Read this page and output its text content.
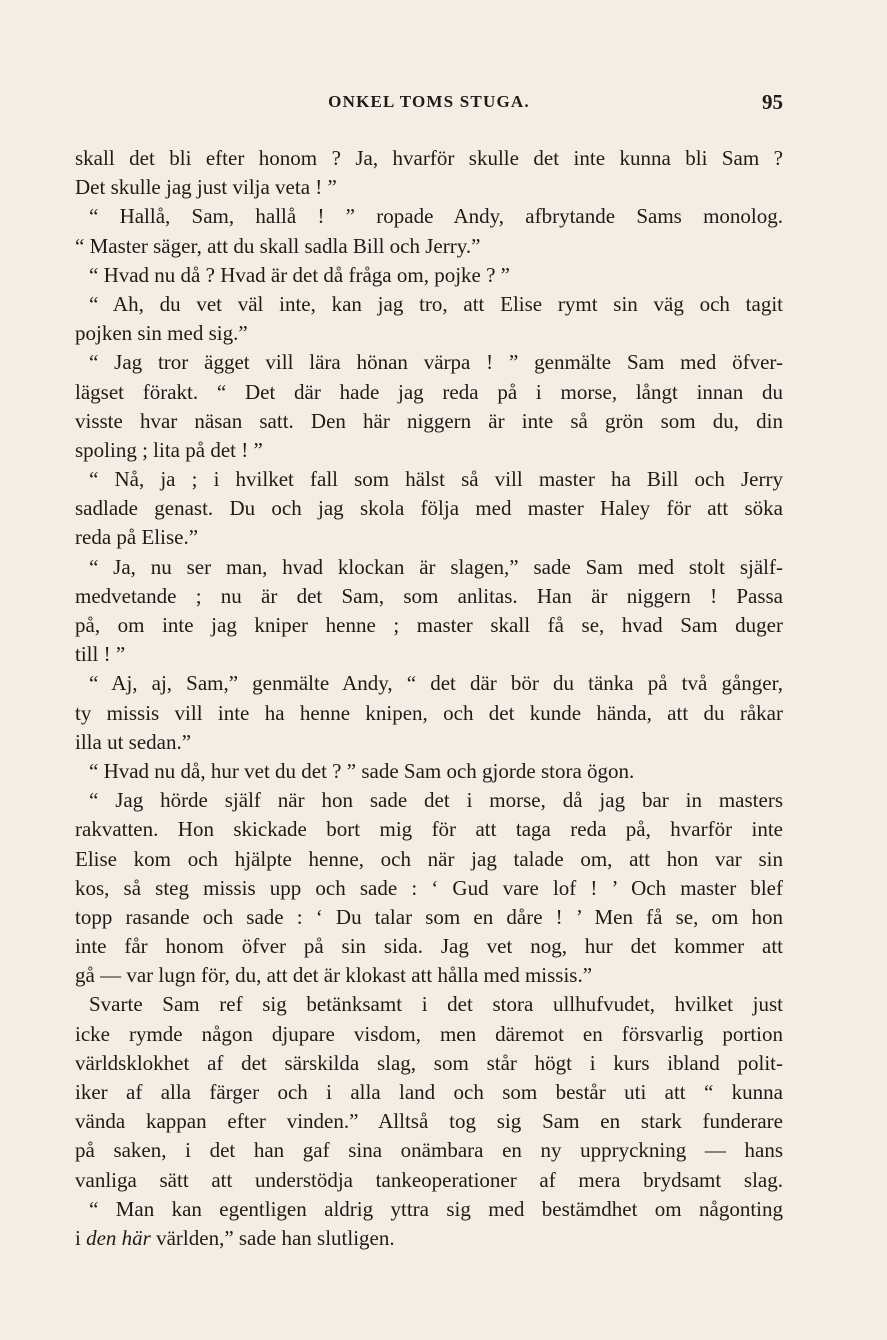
ONKEL TOMS STUGA.	95
skall det bli efter honom ? Ja, hvarför skulle det inte kunna bli Sam ?
Det skulle jag just vilja veta ! ”
“ Hallå, Sam, hallå ! ” ropade Andy, afbrytande Sams monolog.
“ Master säger, att du skall sadla Bill och Jerry.”
“ Hvad nu då ? Hvad är det då fråga om, pojke ? ”
“ Ah, du vet väl inte, kan jag tro, att Elise rymt sin väg och tagit
pojken sin med sig.”
“ Jag tror ägget vill lära hönan värpa ! ” genmälte Sam med öfver-
lägset förakt. “ Det där hade jag reda på i morse, långt innan du
visste hvar näsan satt. Den här niggern är inte så grön som du, din
spoling ; lita på det ! ”
“ Nå, ja ; i hvilket fall som hälst så vill master ha Bill och Jerry
sadlade genast. Du och jag skola följa med master Haley för att söka
reda på Elise.”
“ Ja, nu ser man, hvad klockan är slagen,” sade Sam med stolt själf-
medvetande ; nu är det Sam, som anlitas. Han är niggern ! Passa
på, om inte jag kniper henne ; master skall få se, hvad Sam duger
till ! ”
“ Aj, aj, Sam,” genmälte Andy, “ det där bör du tänka på två gånger,
ty missis vill inte ha henne knipen, och det kunde hända, att du råkar
illa ut sedan.”
“ Hvad nu då, hur vet du det ? ” sade Sam och gjorde stora ögon.
“ Jag hörde själf när hon sade det i morse, då jag bar in masters
rakvatten. Hon skickade bort mig för att taga reda på, hvarför inte
Elise kom och hjälpte henne, och när jag talade om, att hon var sin
kos, så steg missis upp och sade : ‘ Gud vare lof ! ’ Och master blef
topp rasande och sade : ‘ Du talar som en dåre ! ’ Men få se, om hon
inte får honom öfver på sin sida. Jag vet nog, hur det kommer att
gå — var lugn för, du, att det är klokast att hålla med missis.”
Svarte Sam ref sig betänksamt i det stora ullhufvudet, hvilket just
icke rymde någon djupare visdom, men däremot en försvarlig portion
världsklokhet af det särskilda slag, som står högt i kurs ibland polit-
iker af alla färger och i alla land och som består uti att “ kunna
vända kappan efter vinden.” Alltså tog sig Sam en stark funderare
på saken, i det han gaf sina onämbara en ny uppryckning — hans
vanliga sätt att understödja tankeoperationer af mera brydsamt slag.
“ Man kan egentligen aldrig yttra sig med bestämdhet om någonting
i den här världen,” sade han slutligen.
